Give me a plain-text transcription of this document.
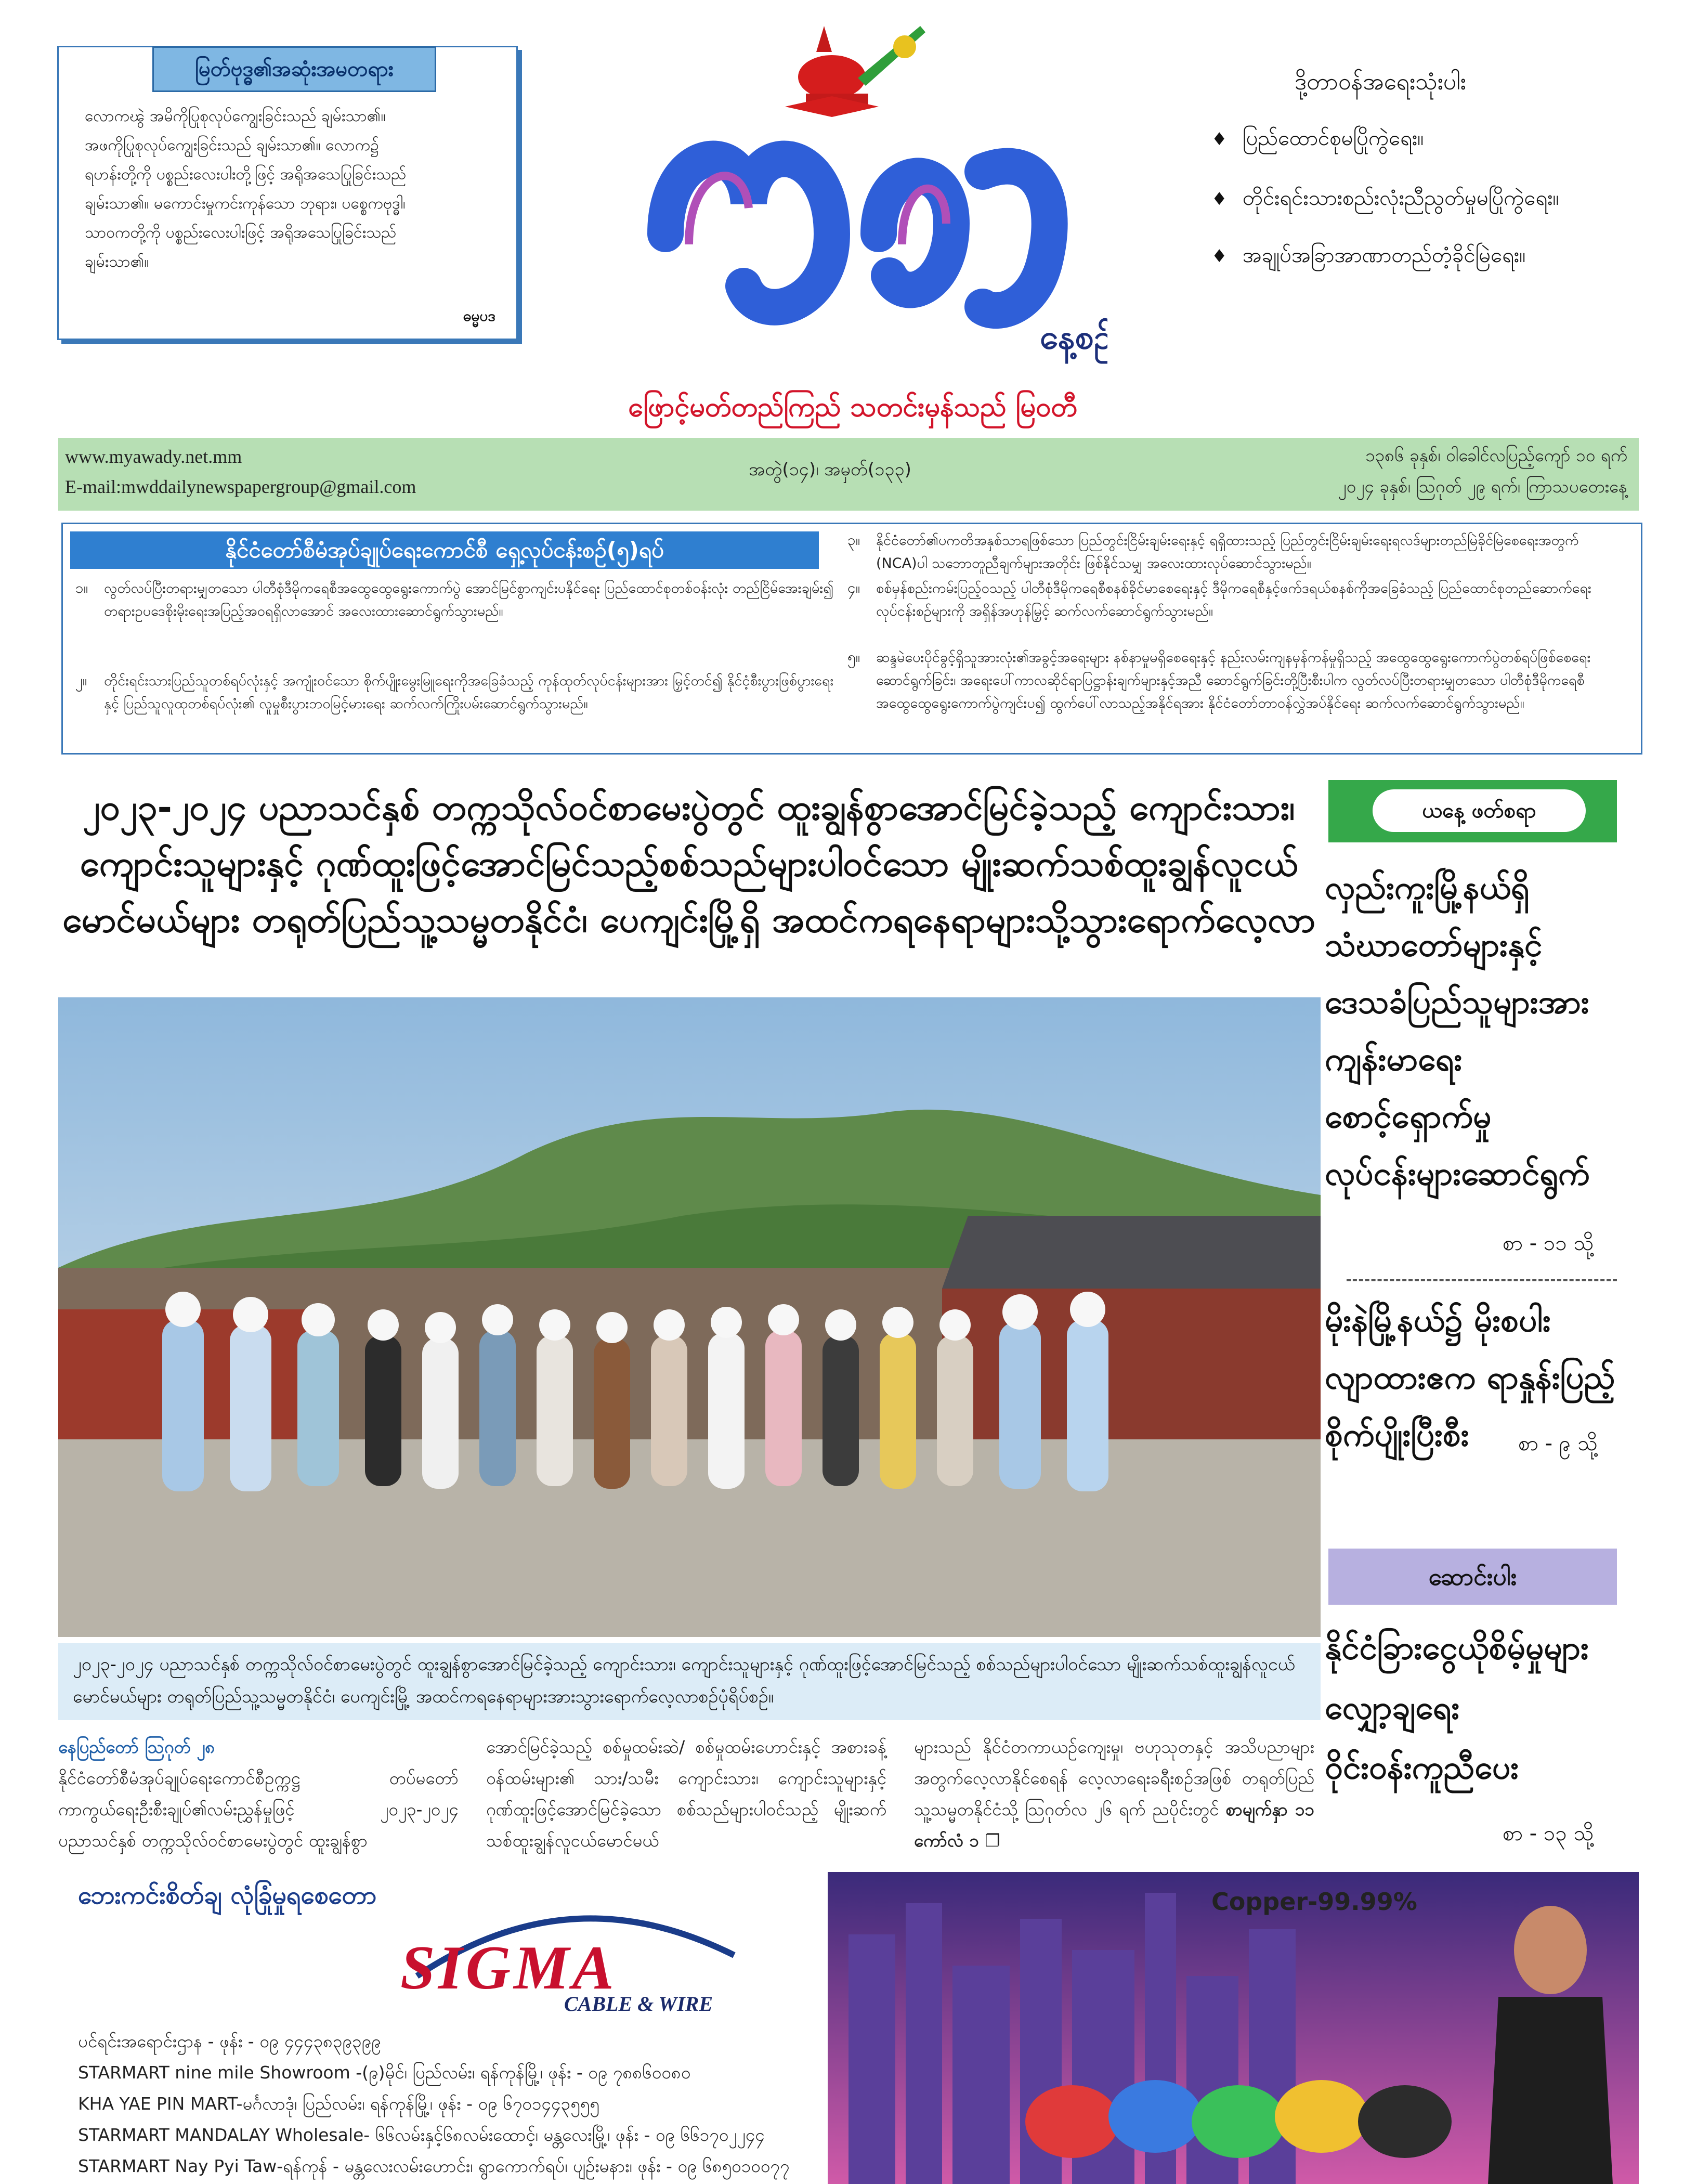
မြတ်ဗုဒ္ဓ၏အဆုံးအမတရား
လောကၽွဲ အမိကိုပြုစုလုပ်ကျွေးခြင်းသည် ချမ်းသာ၏။
အဖကိုပြုစုလုပ်ကျွေးခြင်းသည် ချမ်းသာ၏။ လောက၌
ရဟန်းတို့ကို ပစ္စည်းလေးပါးတို့ဖြင့် အရိုအသေပြုခြင်းသည်
ချမ်းသာ၏။ မကောင်းမှုကင်းကုန်သော ဘုရား၊ ပစ္စေကဗုဒ္ဓါ၊
သာဝကတို့ကို ပစ္စည်းလေးပါးဖြင့် အရိုအသေပြုခြင်းသည်
ချမ်းသာ၏။
ဓမ္မပဒ
နေ့စဉ်
ဖြောင့်မတ်တည်ကြည် သတင်းမှန်သည် မြဝတီ
ဒို့တာဝန်အရေးသုံးပါး
♦ ပြည်ထောင်စုမပြိုကွဲရေး။
♦ တိုင်းရင်းသားစည်းလုံးညီညွတ်မှုမပြိုကွဲရေး။
♦ အချုပ်အခြာအာဏာတည်တံ့ခိုင်မြဲရေး။
www.myawady.net.mm
E-mail:mwddailynewspapergroup@gmail.com
အတွဲ(၁၄)၊ အမှတ်(၁၃၃)
၁၃၈၆ ခုနှစ်၊ ဝါခေါင်လပြည့်ကျော် ၁၀ ရက်
၂၀၂၄ ခုနှစ်၊ ဩဂုတ် ၂၉ ရက်၊ ကြာသပတေးနေ့
နိုင်ငံတော်စီမံအုပ်ချုပ်ရေးကောင်စီ ရှေ့လုပ်ငန်းစဉ်(၅)ရပ်
၁။ လွတ်လပ်ပြီးတရားမျှတသော ပါတီစုံဒီမိုကရေစီအထွေထွေရွေးကောက်ပွဲ အောင်မြင်စွာကျင်းပနိုင်ရေး ပြည်ထောင်စုတစ်ဝန်းလုံး တည်ငြိမ်အေးချမ်း၍ တရားဥပဒေစိုးမိုးရေးအပြည့်အဝရရှိလာအောင် အလေးထားဆောင်ရွက်သွားမည်။
၂။ တိုင်းရင်းသားပြည်သူတစ်ရပ်လုံးနှင့် အကျုံးဝင်သော စိုက်ပျိုးမွေးမြူရေးကိုအခြေခံသည့် ကုန်ထုတ်လုပ်ငန်းများအား မြှင့်တင်၍ နိုင်ငံ့စီးပွားဖြစ်ပွားရေးနှင့် ပြည်သူလူထုတစ်ရပ်လုံး၏ လူမှုစီးပွားဘဝမြင့်မားရေး ဆက်လက်ကြိုးပမ်းဆောင်ရွက်သွားမည်။
၃။ နိုင်ငံတော်၏ပကတိအနှစ်သာရဖြစ်သော ပြည်တွင်းငြိမ်းချမ်းရေးနှင့် ရရှိထားသည့် ပြည်တွင်းငြိမ်းချမ်းရေးရလဒ်များတည်မြဲခိုင်မြဲစေရေးအတွက် (NCA)ပါ သဘောတူညီချက်များအတိုင်း ဖြစ်နိုင်သမျှ အလေးထားလုပ်ဆောင်သွားမည်။
၄။ စစ်မှန်စည်းကမ်းပြည့်ဝသည့် ပါတီစုံဒီမိုကရေစီစနစ်ခိုင်မာစေရေးနှင့် ဒီမိုကရေစီနှင့်ဖက်ဒရယ်စနစ်ကိုအခြေခံသည့် ပြည်ထောင်စုတည်ဆောက်ရေးလုပ်ငန်းစဉ်များကို အရှိန်အဟုန်မြှင့် ဆက်လက်ဆောင်ရွက်သွားမည်။
၅။ ဆန္ဒမဲပေးပိုင်ခွင့်ရှိသူအားလုံး၏အခွင့်အရေးများ နစ်နာမှုမရှိစေရေးနှင့် နည်းလမ်းကျနမှန်ကန်မှုရှိသည့် အထွေထွေရွေးကောက်ပွဲတစ်ရပ်ဖြစ်စေရေးဆောင်ရွက်ခြင်း၊ အရေးပေါ်ကာလဆိုင်ရာပြဋ္ဌာန်းချက်များနှင့်အညီ ဆောင်ရွက်ခြင်းတို့ပြီးစီးပါက လွတ်လပ်ပြီးတရားမျှတသော ပါတီစုံဒီမိုကရေစီအထွေထွေရွေးကောက်ပွဲကျင်းပ၍ ထွက်ပေါ်လာသည့်အနိုင်ရအား နိုင်ငံတော်တာဝန်လွှဲအပ်နိုင်ရေး ဆက်လက်ဆောင်ရွက်သွားမည်။
၂၀၂၃-၂၀၂၄ ပညာသင်နှစ် တက္ကသိုလ်ဝင်စာမေးပွဲတွင် ထူးချွန်စွာအောင်မြင်ခဲ့သည့် ကျောင်းသား၊
ကျောင်းသူများနှင့် ဂုဏ်ထူးဖြင့်အောင်မြင်သည့်စစ်သည်များပါဝင်သော မျိုးဆက်သစ်ထူးချွန်လူငယ်
မောင်မယ်များ တရုတ်ပြည်သူ့သမ္မတနိုင်ငံ၊ ပေကျင်းမြို့ရှိ အထင်ကရနေရာများသို့သွားရောက်လေ့လာ
၂၀၂၃-၂၀၂၄ ပညာသင်နှစ် တက္ကသိုလ်ဝင်စာမေးပွဲတွင် ထူးချွန်စွာအောင်မြင်ခဲ့သည့် ကျောင်းသား၊ ကျောင်းသူများနှင့် ဂုဏ်ထူးဖြင့်အောင်မြင်သည့် စစ်သည်များပါဝင်သော မျိုးဆက်သစ်ထူးချွန်လူငယ်မောင်မယ်များ တရုတ်ပြည်သူ့သမ္မတနိုင်ငံ၊ ပေကျင်းမြို့ အထင်ကရနေရာများအားသွားရောက်လေ့လာစဉ်ပုံရိပ်စဉ်။
နေပြည်တော် ဩဂုတ် ၂၈
နိုင်ငံတော်စီမံအုပ်ချုပ်ရေးကောင်စီဥက္ကဋ္ဌ တပ်မတော်ကာကွယ်ရေးဦးစီးချုပ်၏လမ်းညွှန်မှုဖြင့် ၂၀၂၃-၂၀၂၄ ပညာသင်နှစ် တက္ကသိုလ်ဝင်စာမေးပွဲတွင် ထူးချွန်စွာ
အောင်မြင်ခဲ့သည့် စစ်မှုထမ်းဆဲ/ စစ်မှုထမ်းဟောင်းနှင့် အစားခန့်ဝန်ထမ်းများ၏ သား/သမီး ကျောင်းသား၊ ကျောင်းသူများနှင့် ဂုဏ်ထူးဖြင့်အောင်မြင်ခဲ့သော စစ်သည်များပါဝင်သည့် မျိုးဆက်သစ်ထူးချွန်လူငယ်မောင်မယ်
များသည် နိုင်ငံတကာယဉ်ကျေးမှု၊ ဗဟုသုတနှင့် အသိပညာများအတွက်လေ့လာနိုင်စေရန် လေ့လာရေးခရီးစဉ်အဖြစ် တရုတ်ပြည်သူ့သမ္မတနိုင်ငံသို့ ဩဂုတ်လ ၂၆ ရက် ညပိုင်းတွင် စာမျက်နှာ ၁၁ ကော်လံ ၁ ❐
ယနေ့ ဖတ်စရာ
လှည်းကူးမြို့နယ်ရှိ
သံဃာတော်များနှင့်
ဒေသခံပြည်သူများအား
ကျန်းမာရေး
စောင့်ရှောက်မှု
လုပ်ငန်းများဆောင်ရွက်
စာ - ၁၁ သို့
မိုးနဲမြို့နယ်၌ မိုးစပါး
လျာထားဧက ရာနှုန်းပြည့်
စိုက်ပျိုးပြီးစီး စာ - ၉ သို့
ဆောင်းပါး
နိုင်ငံခြားငွေယိုစိမ့်မှုများ
လျှော့ချရေး
ဝိုင်းဝန်းကူညီပေး
စာ - ၁၃ သို့
ဘေးကင်းစိတ်ချ လုံခြုံမှုရစေတော
SIGMA
CABLE & WIRE
Copper-99.99%
ပင်ရင်းအရောင်းဌာန - ဖုန်း - ၀၉ ၄၄၄၃၈၃၉၃၉၉
STARMART nine mile Showroom -(၉)မိုင်၊ ပြည်လမ်း၊ ရန်ကုန်မြို့၊ ဖုန်း - ၀၉ ၇၈၈၆၀၀၈၀
KHA YAE PIN MART-မင်္ဂလာဒုံ၊ ပြည်လမ်း၊ ရန်ကုန်မြို့၊ ဖုန်း - ၀၉ ၆၇၀၁၄၄၃၅၅၅
STARMART MANDALAY Wholesale- ၆၆လမ်းနှင့်၆၈လမ်းထောင့်၊ မန္တလေးမြို့၊ ဖုန်း - ၀၉ ၆၆၁၇၀၂၂၄၄
STARMART Nay Pyi Taw-ရန်ကုန် - မန္တလေးလမ်းဟောင်း၊ ရွာကောက်ရပ်၊ ပျဉ်းမနား၊ ဖုန်း - ၀၉ ၆၈၅၀၁၀၀၇၇
